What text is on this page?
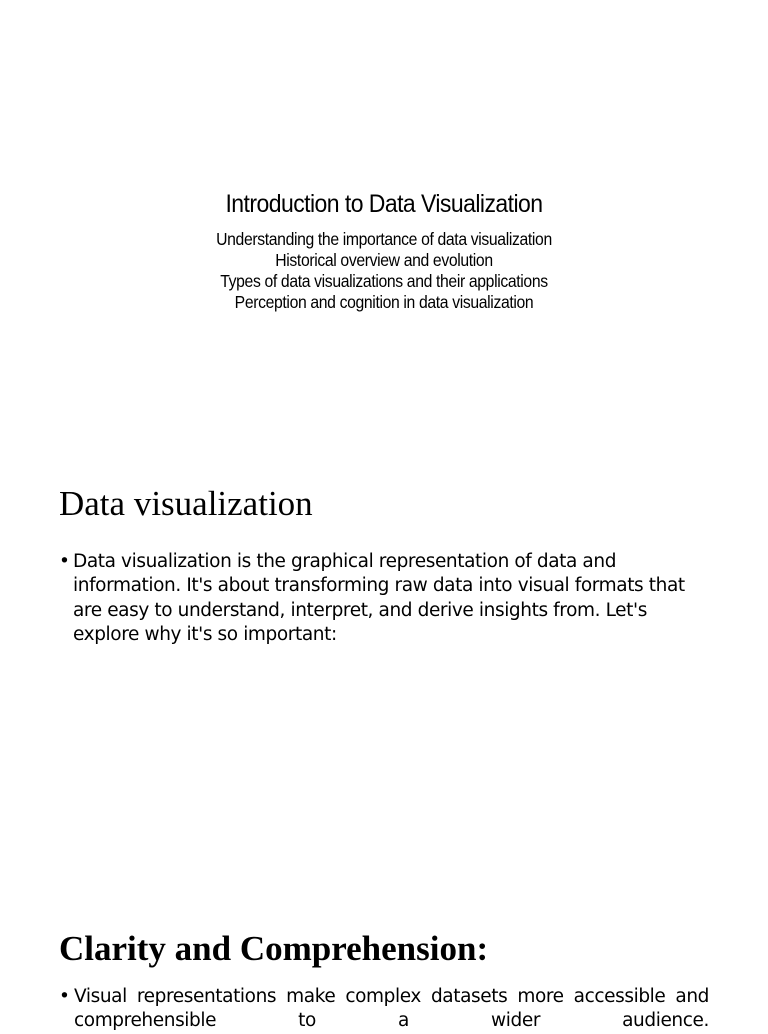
Introduction to Data Visualization
Understanding the importance of data visualization
Historical overview and evolution
Types of data visualizations and their applications
Perception and cognition in data visualization
Data visualization
• Data visualization is the graphical representation of data and information. It's about transforming raw data into visual formats that are easy to understand, interpret, and derive insights from. Let's explore why it's so important:
Clarity and Comprehension:
• Visual representations make complex datasets more accessible and comprehensible to a wider audience.
